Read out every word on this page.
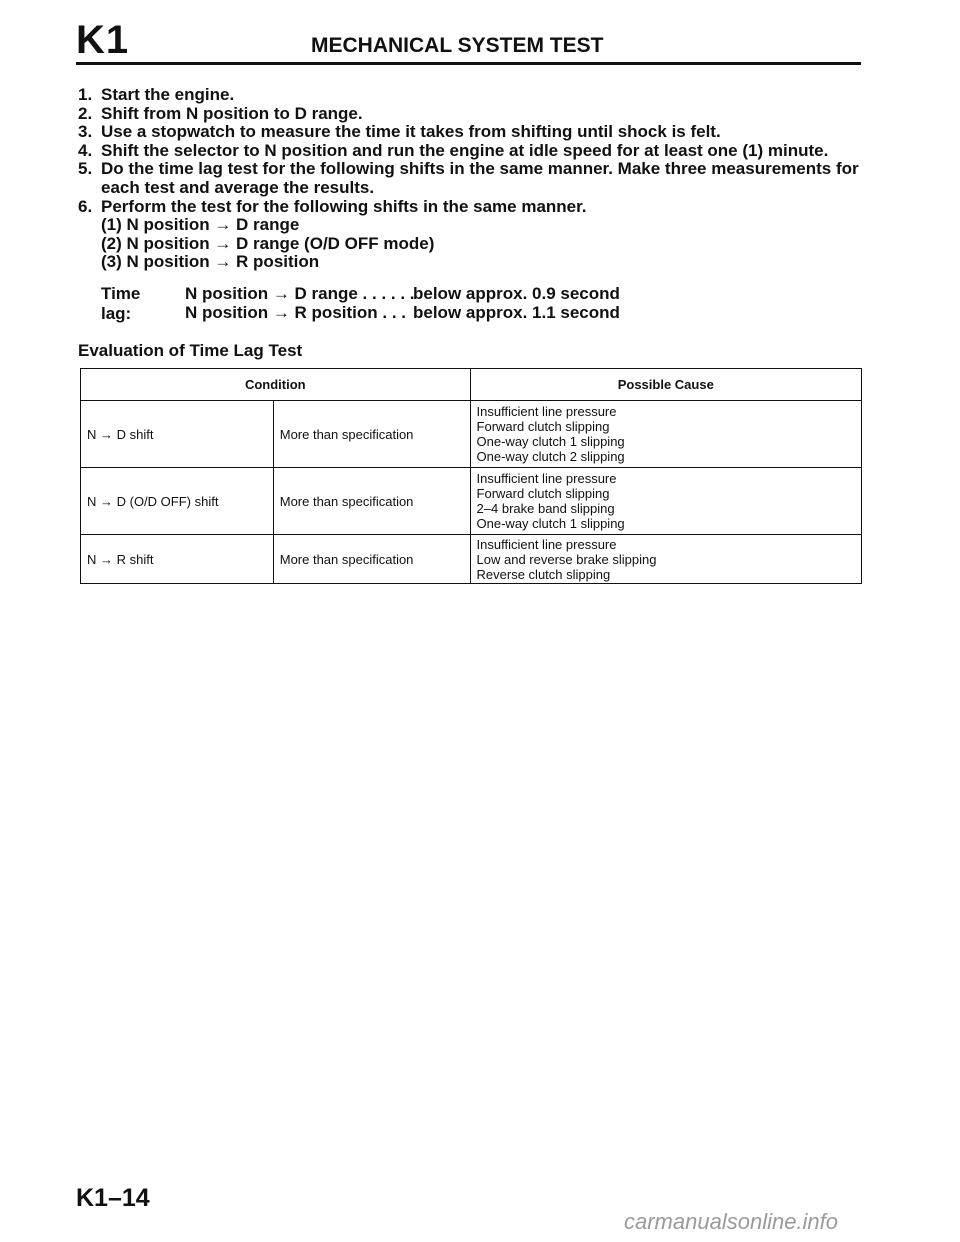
K1	MECHANICAL SYSTEM TEST
1. Start the engine.
2. Shift from N position to D range.
3. Use a stopwatch to measure the time it takes from shifting until shock is felt.
4. Shift the selector to N position and run the engine at idle speed for at least one (1) minute.
5. Do the time lag test for the following shifts in the same manner. Make three measurements for each test and average the results.
6. Perform the test for the following shifts in the same manner.
(1) N position → D range
(2) N position → D range (O/D OFF mode)
(3) N position → R position
Time lag:
N position → D range . . . . . .
below approx. 0.9 second
N position → R position . . . below approx. 1.1 second
Evaluation of Time Lag Test
Condition		Possible Cause
N → D shift	More than specification	Insufficient line pressure
Forward clutch slipping
One-way clutch 1 slipping
One-way clutch 2 slipping

N → D (O/D OFF) shift	More than specification	Insufficient line pressure
Forward clutch slipping
2–4 brake band slipping
One-way clutch 1 slipping

N → R shift	More than specification	Insufficient line pressure
Low and reverse brake slipping
Reverse clutch slipping
K1–14
carmanualsonline.info
